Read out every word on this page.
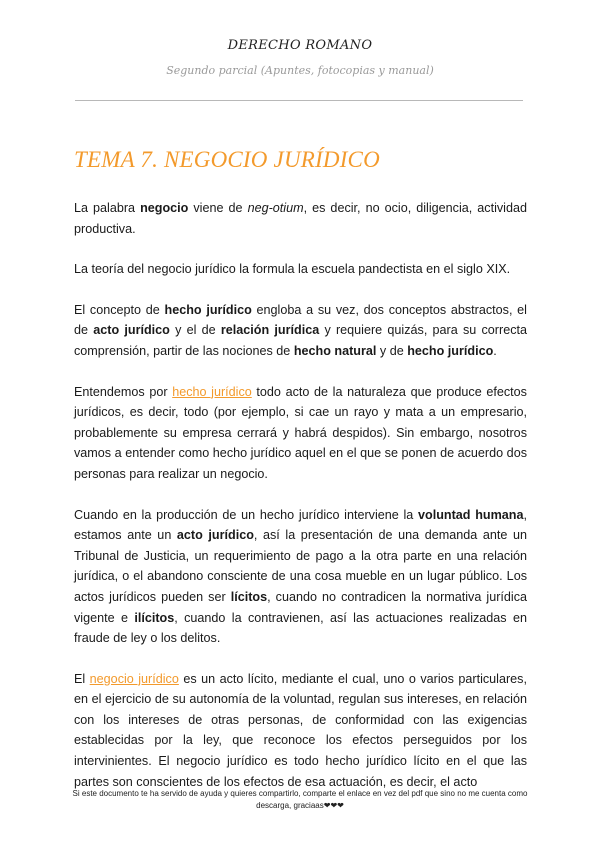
DERECHO ROMANO
Segundo parcial (Apuntes, fotocopias y manual)
TEMA 7. NEGOCIO JURÍDICO

La palabra negocio viene de neg-otium, es decir, no ocio, diligencia, actividad productiva.

La teoría del negocio jurídico la formula la escuela pandectista en el siglo XIX.

El concepto de hecho jurídico engloba a su vez, dos conceptos abstractos, el de acto jurídico y el de relación jurídica y requiere quizás, para su correcta comprensión, partir de las nociones de hecho natural y de hecho jurídico.

Entendemos por hecho jurídico todo acto de la naturaleza que produce efectos jurídicos, es decir, todo (por ejemplo, si cae un rayo y mata a un empresario, probablemente su empresa cerrará y habrá despidos). Sin embargo, nosotros vamos a entender como hecho jurídico aquel en el que se ponen de acuerdo dos personas para realizar un negocio.

Cuando en la producción de un hecho jurídico interviene la voluntad humana, estamos ante un acto jurídico, así la presentación de una demanda ante un Tribunal de Justicia, un requerimiento de pago a la otra parte en una relación jurídica, o el abandono consciente de una cosa mueble en un lugar público. Los actos jurídicos pueden ser lícitos, cuando no contradicen la normativa jurídica vigente e ilícitos, cuando la contravienen, así las actuaciones realizadas en fraude de ley o los delitos.

El negocio jurídico es un acto lícito, mediante el cual, uno o varios particulares, en el ejercicio de su autonomía de la voluntad, regulan sus intereses, en relación con los intereses de otras personas, de conformidad con las exigencias establecidas por la ley, que reconoce los efectos perseguidos por los intervinientes. El negocio jurídico es todo hecho jurídico lícito en el que las partes son conscientes de los efectos de esa actuación, es decir, el acto

Si este documento te ha servido de ayuda y quieres compartirlo, comparte el enlace en vez del pdf que sino no me cuenta como descarga, graciaas❤❤❤
